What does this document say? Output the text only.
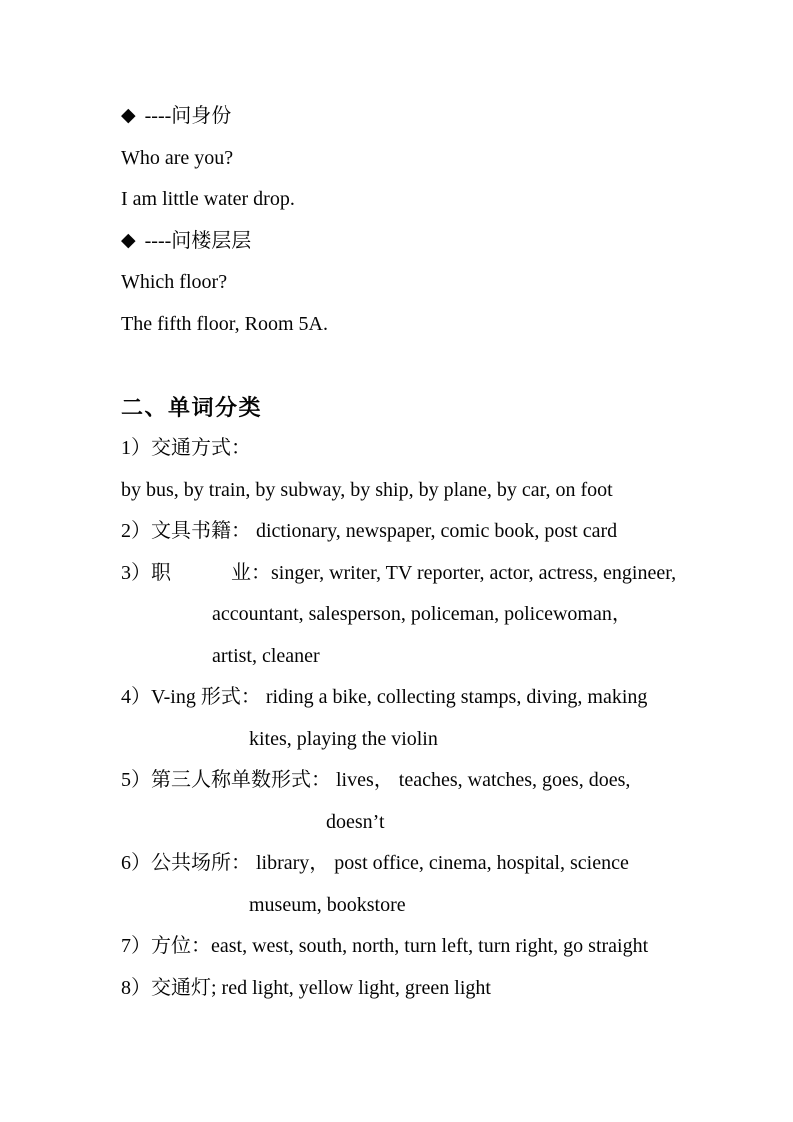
◆ ----问身份

Who are you?

I am little water drop.

◆ ----问楼层层

Which floor?

The fifth floor, Room 5A.

二、单词分类

1）交通方式：

by bus, by train, by subway, by ship, by plane, by car, on foot

2）文具书籍： dictionary, newspaper, comic book, post card

3）职　　　业：singer, writer, TV reporter, actor, actress, engineer,

accountant, salesperson, policeman, policewoman，

artist, cleaner

4）V-ing 形式： riding a bike, collecting stamps, diving, making

kites, playing the violin

5）第三人称单数形式： lives， teaches, watches, goes, does,

doesn’t

6）公共场所： library， post office, cinema, hospital, science

museum, bookstore

7）方位：east, west, south, north, turn left, turn right, go straight

8）交通灯; red light, yellow light, green light
